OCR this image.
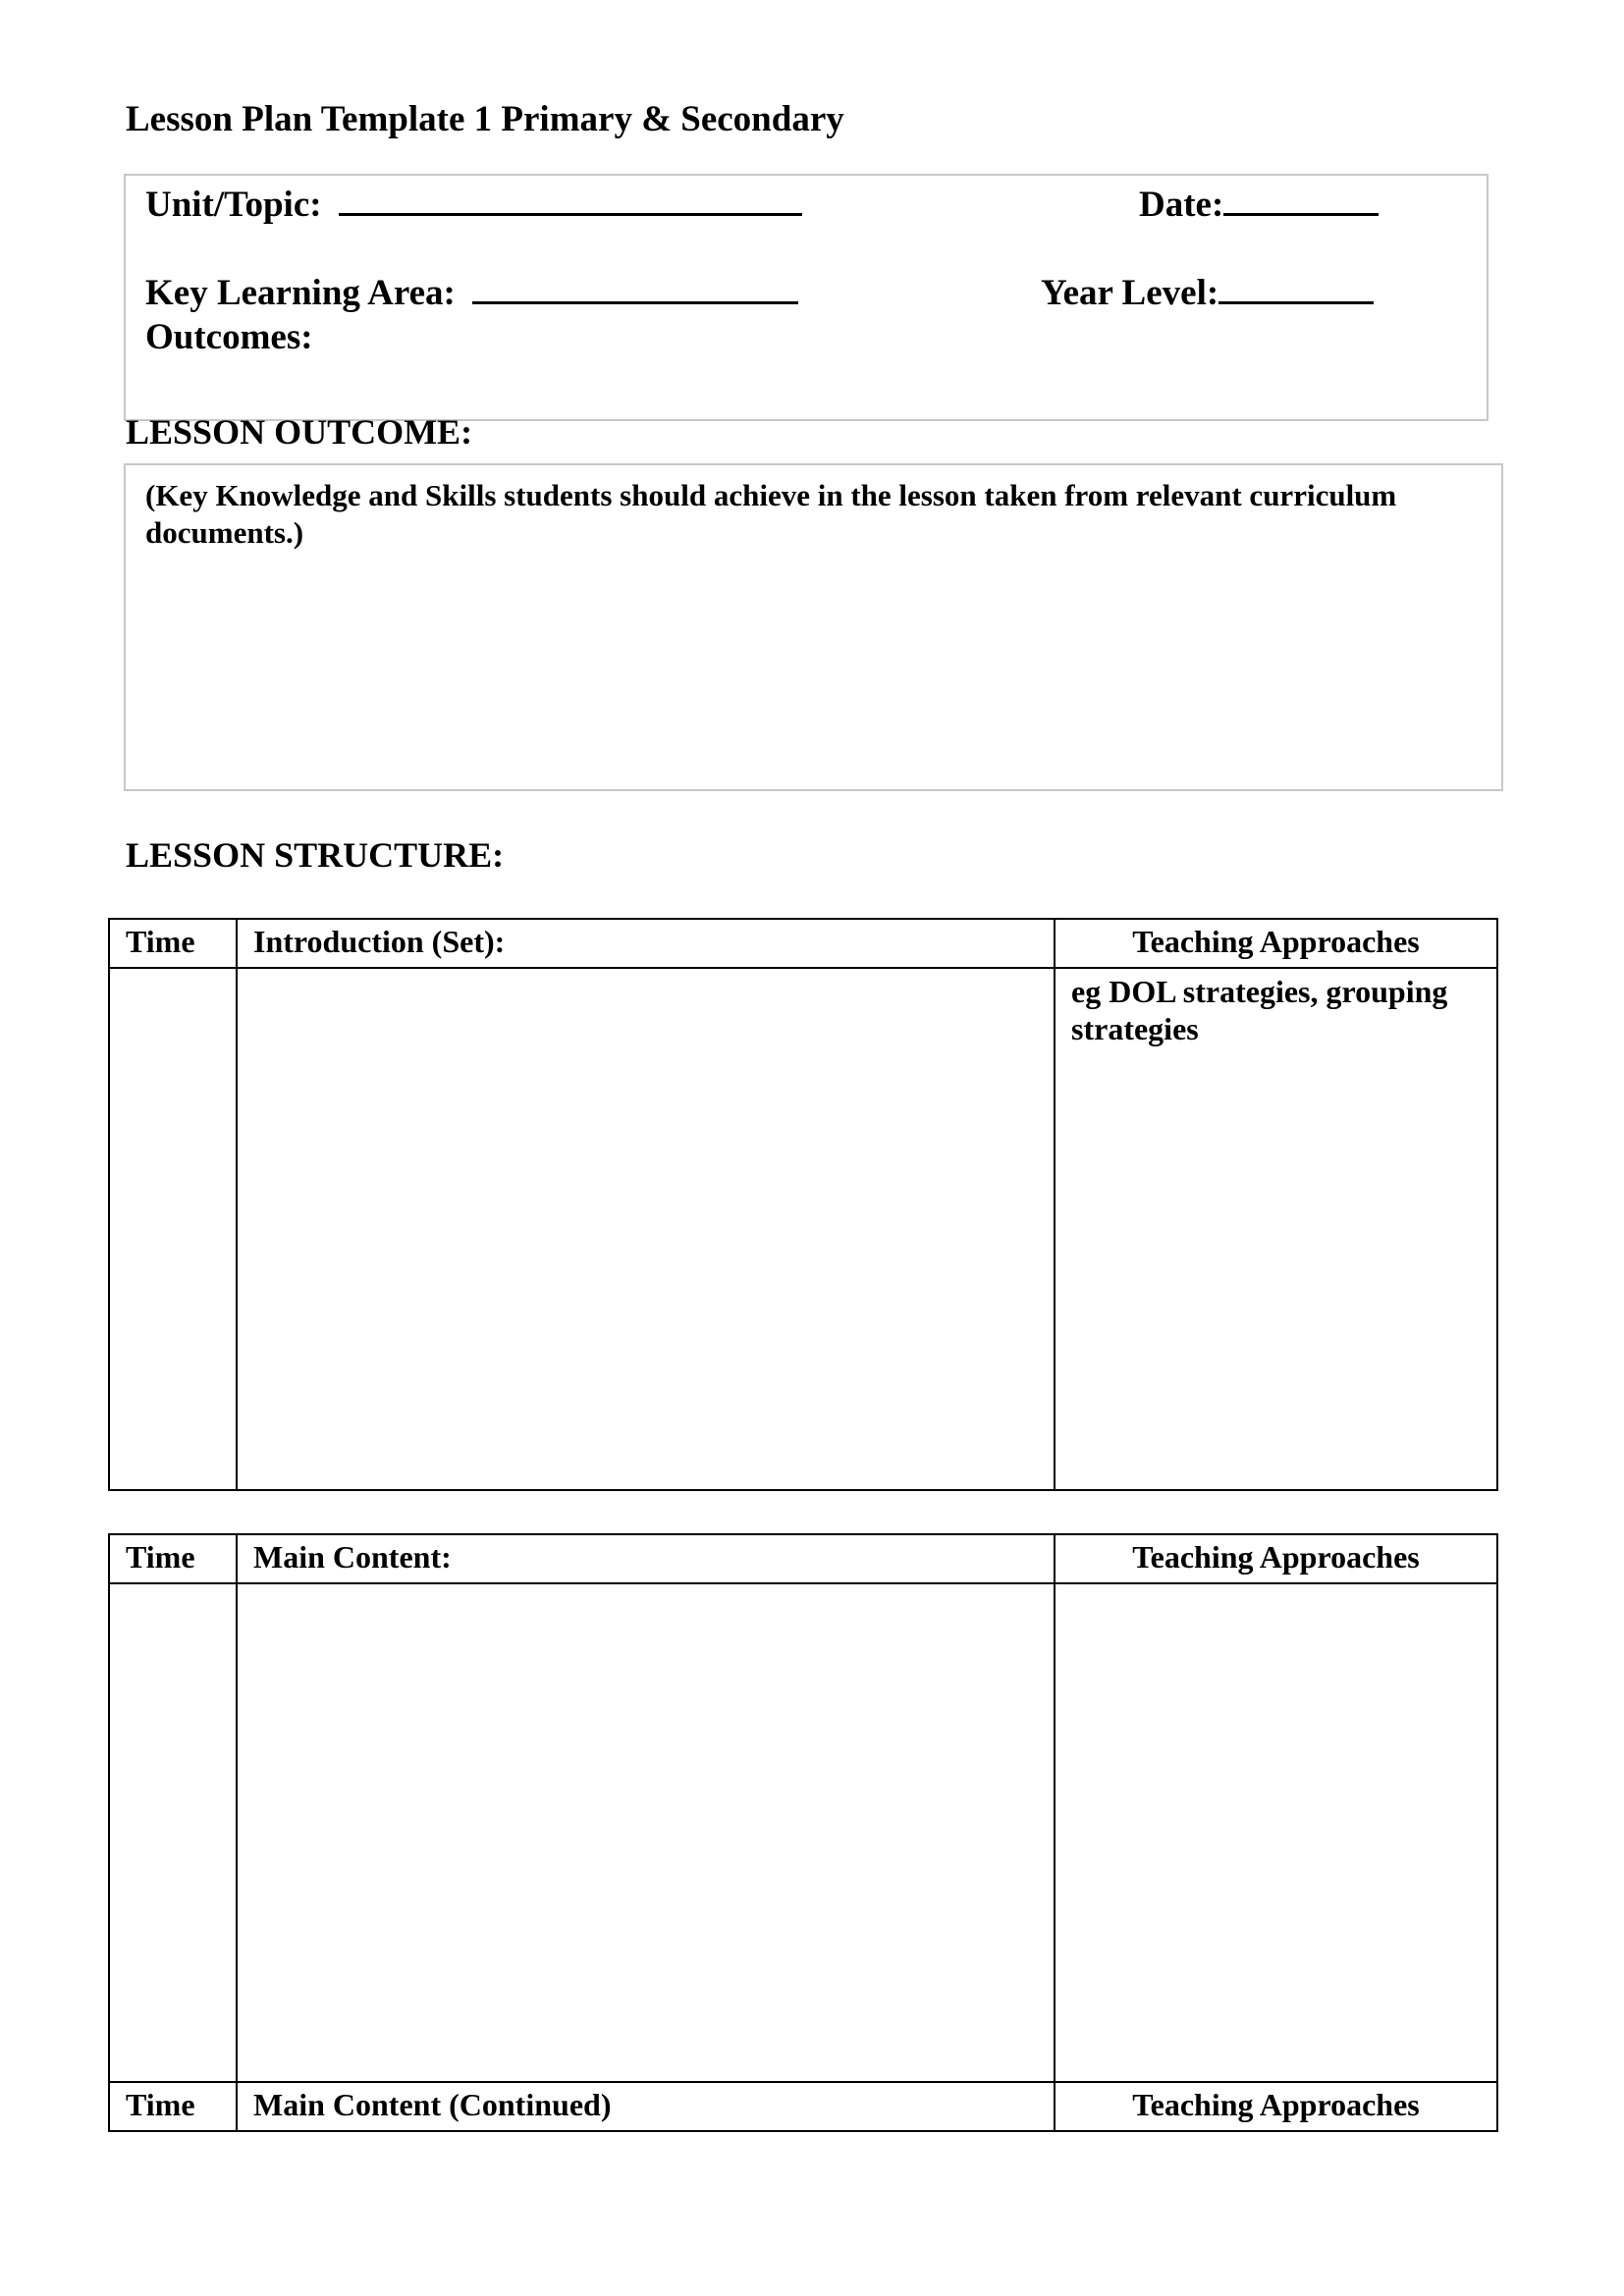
Lesson Plan Template 1 Primary & Secondary
Unit/Topic:	Date:
Key Learning Area:	Year Level:
Outcomes:
LESSON OUTCOME:
(Key Knowledge and Skills students should achieve in the lesson taken from relevant curriculum documents.)
LESSON STRUCTURE:
Time	Introduction (Set):	Teaching Approaches

		eg DOL strategies, grouping strategies
Time	Main Content:	Teaching Approaches

Time	Main Content (Continued)	Teaching Approaches
